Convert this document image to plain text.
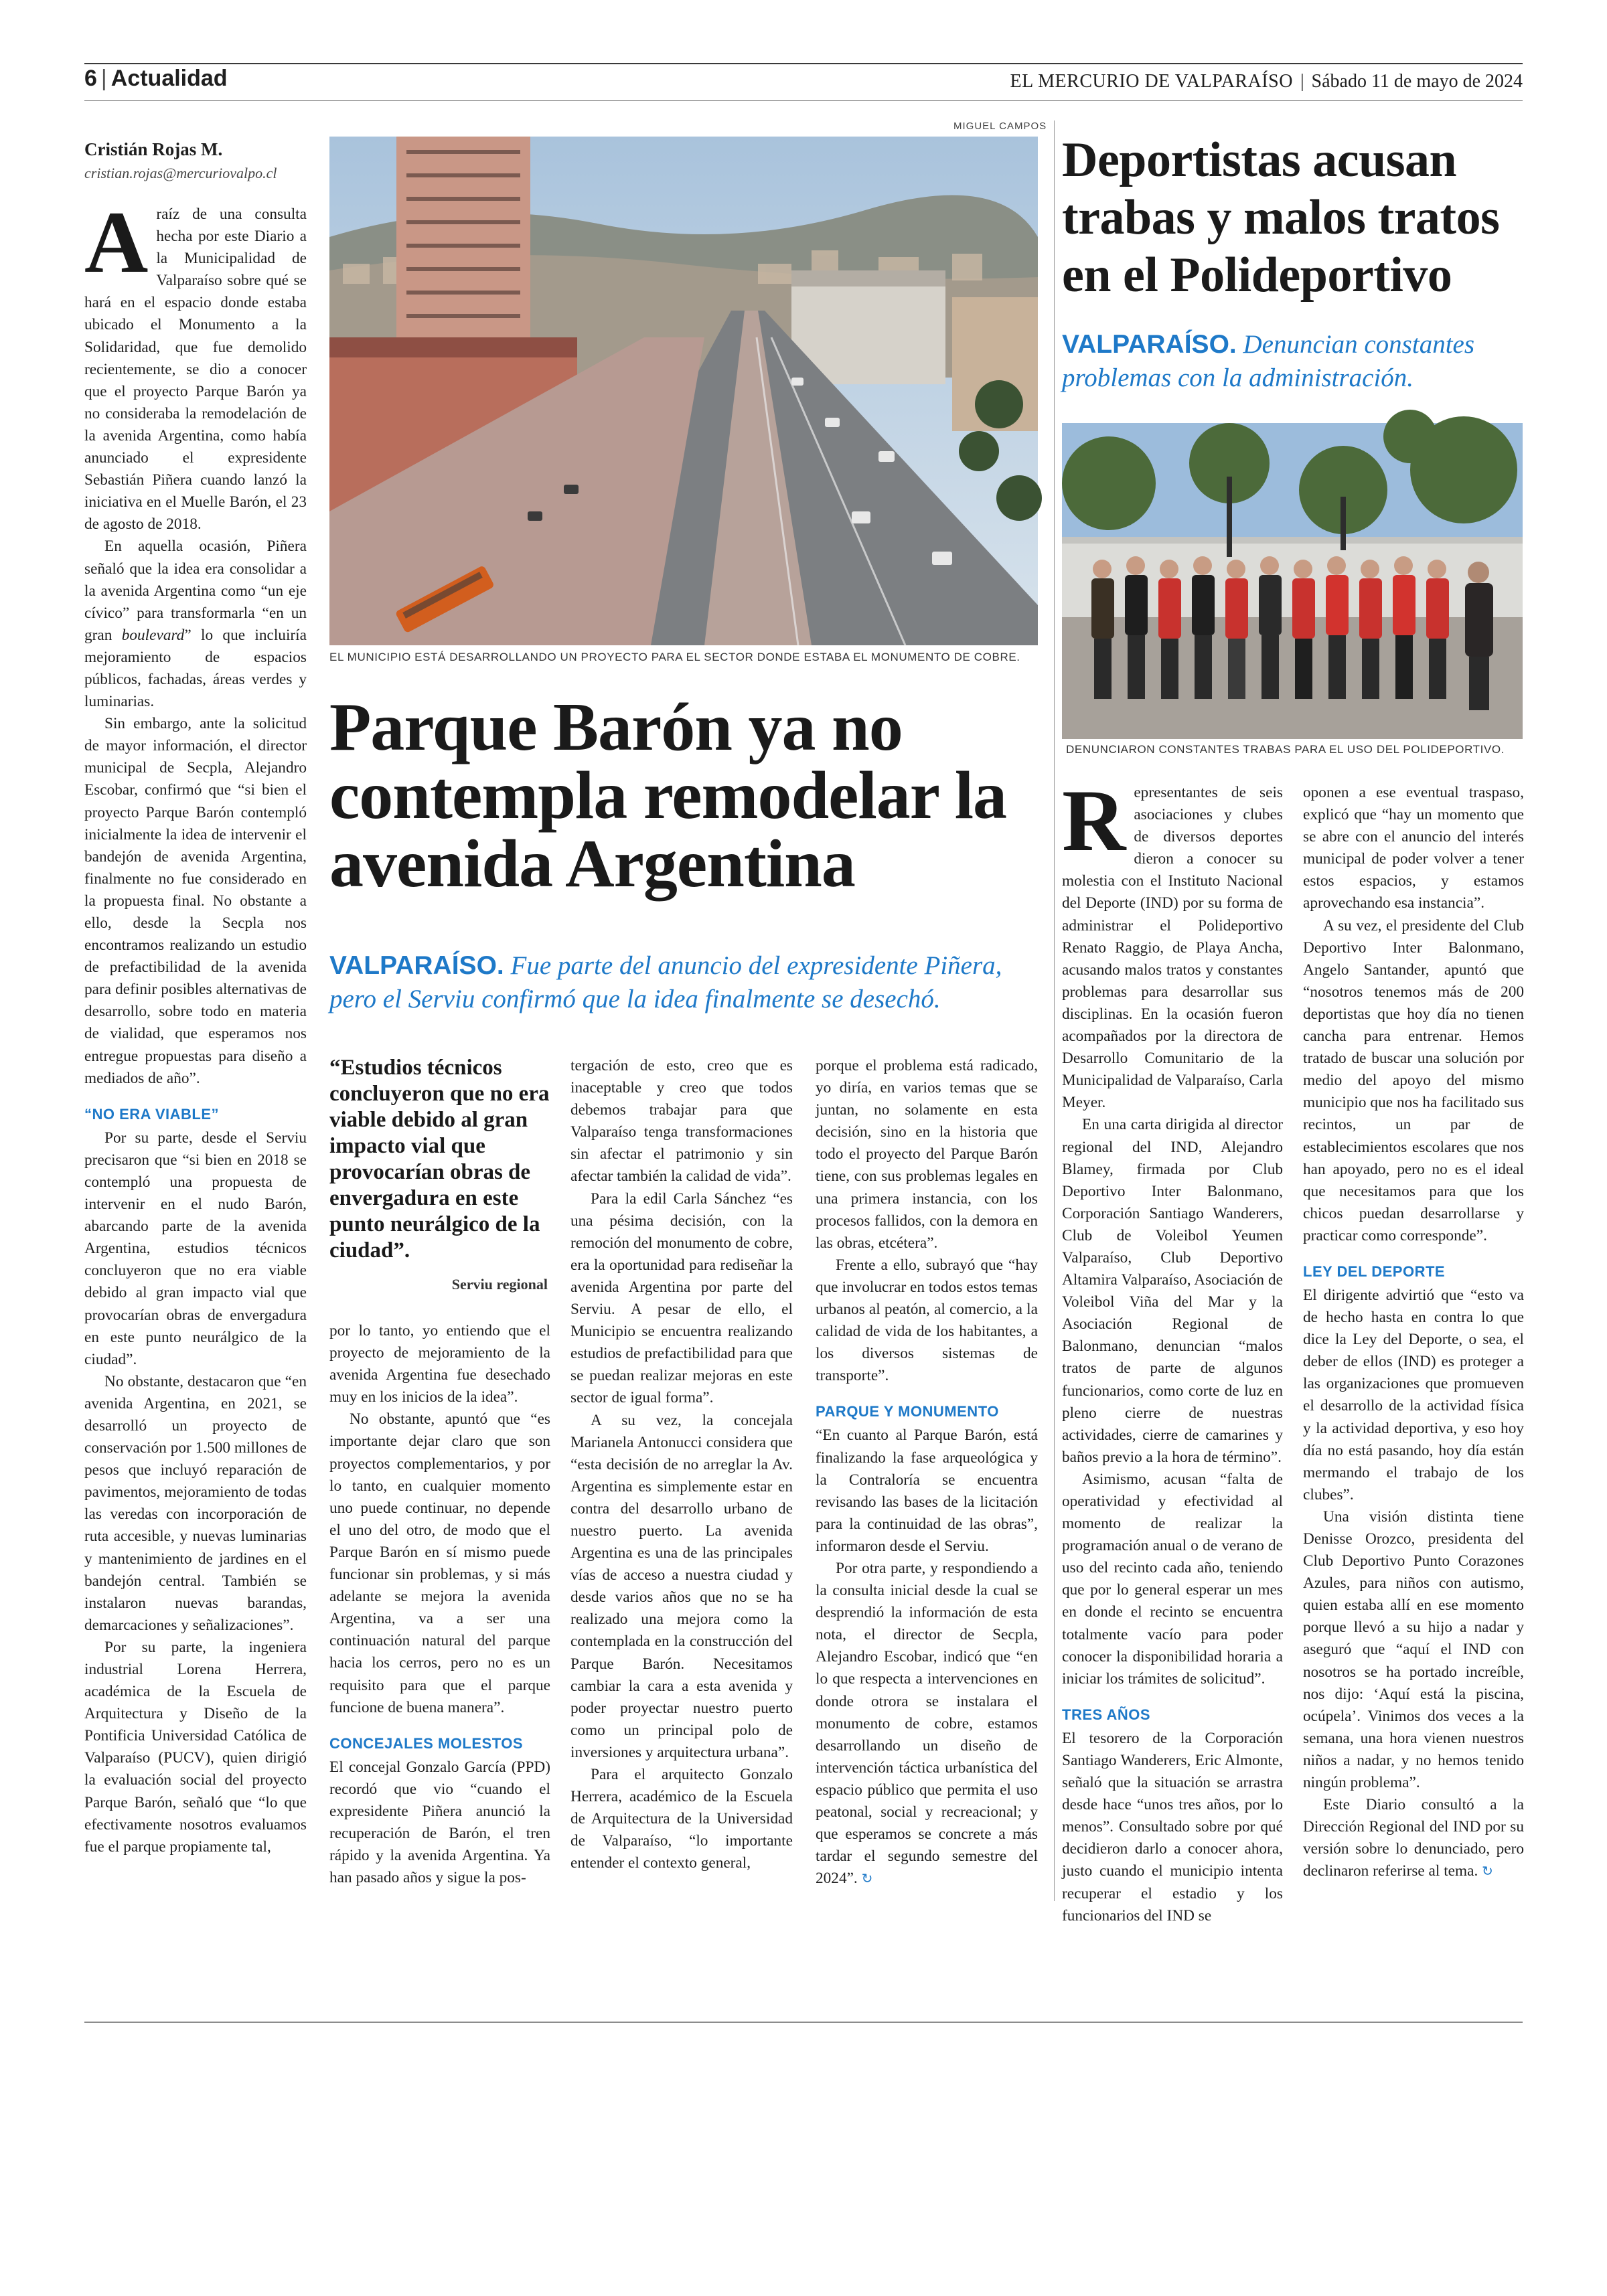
6 | Actualidad	EL MERCURIO DE VALPARAÍSO | Sábado 11 de mayo de 2024
Cristián Rojas M.
cristian.rojas@mercuriovalpo.cl
MIGUEL CAMPOS
EL MUNICIPIO ESTÁ DESARROLLANDO UN PROYECTO PARA EL SECTOR DONDE ESTABA EL MONUMENTO DE COBRE.
Parque Barón ya no contempla remodelar la avenida Argentina
VALPARAÍSO. Fue parte del anuncio del expresidente Piñera, pero el Serviu confirmó que la idea finalmente se desechó.
A raíz de una consulta hecha por este Diario a la Municipalidad de Valparaíso sobre qué se hará en el espacio donde estaba ubicado el Monumento a la Solidaridad, que fue demolido recientemente, se dio a conocer que el proyecto Parque Barón ya no consideraba la remodelación de la avenida Argentina, como había anunciado el expresidente Sebastián Piñera cuando lanzó la iniciativa en el Muelle Barón, el 23 de agosto de 2018.

En aquella ocasión, Piñera señaló que la idea era consolidar a la avenida Argentina como “un eje cívico” para transformarla “en un gran boulevard” lo que incluiría mejoramiento de espacios públicos, fachadas, áreas verdes y luminarias.

Sin embargo, ante la solicitud de mayor información, el director municipal de Secpla, Alejandro Escobar, confirmó que “si bien el proyecto Parque Barón contempló inicialmente la idea de intervenir el bandejón de avenida Argentina, finalmente no fue considerado en la propuesta final. No obstante a ello, desde la Secpla nos encontramos realizando un estudio de prefactibilidad de la avenida para definir posibles alternativas de desarrollo, sobre todo en materia de vialidad, que esperamos nos entregue propuestas para diseño a mediados de año”.

“NO ERA VIABLE”

Por su parte, desde el Serviu precisaron que “si bien en 2018 se contempló una propuesta de intervenir en el nudo Barón, abarcando parte de la avenida Argentina, estudios técnicos concluyeron que no era viable debido al gran impacto vial que provocarían obras de envergadura en este punto neurálgico de la ciudad”.

No obstante, destacaron que “en avenida Argentina, en 2021, se desarrolló un proyecto de conservación por 1.500 millones de pesos que incluyó reparación de pavimentos, mejoramiento de todas las veredas con incorporación de ruta accesible, y nuevas luminarias y mantenimiento de jardines en el bandejón central. También se instalaron nuevas barandas, demarcaciones y señalizaciones”.

Por su parte, la ingeniera industrial Lorena Herrera, académica de la Escuela de Arquitectura y Diseño de la Pontificia Universidad Católica de Valparaíso (PUCV), quien dirigió la evaluación social del proyecto Parque Barón, señaló que “lo que efectivamente nosotros evaluamos fue el parque propiamente tal,

“Estudios técnicos concluyeron que no era viable debido al gran impacto vial que provocarían obras de envergadura en este punto neurálgico de la ciudad”.
Serviu regional

por lo tanto, yo entiendo que el proyecto de mejoramiento de la avenida Argentina fue desechado muy en los inicios de la idea”.

No obstante, apuntó que “es importante dejar claro que son proyectos complementarios, y por lo tanto, en cualquier momento uno puede continuar, no depende el uno del otro, de modo que el Parque Barón en sí mismo puede funcionar sin problemas, y si más adelante se mejora la avenida Argentina, va a ser una continuación natural del parque hacia los cerros, pero no es un requisito para que el parque funcione de buena manera”.

CONCEJALES MOLESTOS

El concejal Gonzalo García (PPD) recordó que vio “cuando el expresidente Piñera anunció la recuperación de Barón, el tren rápido y la avenida Argentina. Ya han pasado años y sigue la pos-

tergación de esto, creo que es inaceptable y creo que todos debemos trabajar para que Valparaíso tenga transformaciones sin afectar el patrimonio y sin afectar también la calidad de vida”.

Para la edil Carla Sánchez “es una pésima decisión, con la remoción del monumento de cobre, era la oportunidad para rediseñar la avenida Argentina por parte del Serviu. A pesar de ello, el Municipio se encuentra realizando estudios de prefactibilidad para que se puedan realizar mejoras en este sector de igual forma”.

A su vez, la concejala Marianela Antonucci considera que “esta decisión de no arreglar la Av. Argentina es simplemente estar en contra del desarrollo urbano de nuestro puerto. La avenida Argentina es una de las principales vías de acceso a nuestra ciudad y desde varios años que no se ha realizado una mejora como la contemplada en la construcción del Parque Barón. Necesitamos cambiar la cara a esta avenida y poder proyectar nuestro puerto como un principal polo de inversiones y arquitectura urbana”.

Para el arquitecto Gonzalo Herrera, académico de la Escuela de Arquitectura de la Universidad de Valparaíso, “lo importante entender el contexto general,

porque el problema está radicado, yo diría, en varios temas que se juntan, no solamente en esta decisión, sino en la historia que todo el proyecto del Parque Barón tiene, con sus problemas legales en una primera instancia, con los procesos fallidos, con la demora en las obras, etcétera”.

Frente a ello, subrayó que “hay que involucrar en todos estos temas urbanos al peatón, al comercio, a la calidad de vida de los habitantes, a los diversos sistemas de transporte”.

PARQUE Y MONUMENTO

“En cuanto al Parque Barón, está finalizando la fase arqueológica y la Contraloría se encuentra revisando las bases de la licitación para la continuidad de las obras”, informaron desde el Serviu.

Por otra parte, y respondiendo a la consulta inicial desde la cual se desprendió la información de esta nota, el director de Secpla, Alejandro Escobar, indicó que “en lo que respecta a intervenciones en donde otrora se instalara el monumento de cobre, estamos desarrollando un diseño de intervención táctica urbanística del espacio público que permita el uso peatonal, social y recreacional; y que esperamos se concrete a más tardar el segundo semestre del 2024”. ↻

Deportistas acusan trabas y malos tratos en el Polideportivo
VALPARAÍSO. Denuncian constantes problemas con la administración.
DENUNCIARON CONSTANTES TRABAS PARA EL USO DEL POLIDEPORTIVO.
R epresentantes de seis asociaciones y clubes de diversos deportes dieron a conocer su molestia con el Instituto Nacional del Deporte (IND) por su forma de administrar el Polideportivo Renato Raggio, de Playa Ancha, acusando malos tratos y constantes problemas para desarrollar sus disciplinas. En la ocasión fueron acompañados por la directora de Desarrollo Comunitario de la Municipalidad de Valparaíso, Carla Meyer.

En una carta dirigida al director regional del IND, Alejandro Blamey, firmada por Club Deportivo Inter Balonmano, Corporación Santiago Wanderers, Club de Voleibol Yeumen Valparaíso, Club Deportivo Altamira Valparaíso, Asociación de Voleibol Viña del Mar y la Asociación Regional de Balonmano, denuncian “malos tratos de parte de algunos funcionarios, como corte de luz en pleno cierre de nuestras actividades, cierre de camarines y baños previo a la hora de término”.

Asimismo, acusan “falta de operatividad y efectividad al momento de realizar la programación anual o de verano de uso del recinto cada año, teniendo que por lo general esperar un mes en donde el recinto se encuentra totalmente vacío para poder conocer la disponibilidad horaria a iniciar los trámites de solicitud”.

TRES AÑOS

El tesorero de la Corporación Santiago Wanderers, Eric Almonte, señaló que la situación se arrastra desde hace “unos tres años, por lo menos”. Consultado sobre por qué decidieron darlo a conocer ahora, justo cuando el municipio intenta recuperar el estadio y los funcionarios del IND se

oponen a ese eventual traspaso, explicó que “hay un momento que se abre con el anuncio del interés municipal de poder volver a tener estos espacios, y estamos aprovechando esa instancia”.

A su vez, el presidente del Club Deportivo Inter Balonmano, Angelo Santander, apuntó que “nosotros tenemos más de 200 deportistas que hoy día no tienen cancha para entrenar. Hemos tratado de buscar una solución por medio del apoyo del mismo municipio que nos ha facilitado sus recintos, un par de establecimientos escolares que nos han apoyado, pero no es el ideal que necesitamos para que los chicos puedan desarrollarse y practicar como corresponde”.

LEY DEL DEPORTE

El dirigente advirtió que “esto va de hecho hasta en contra lo que dice la Ley del Deporte, o sea, el deber de ellos (IND) es proteger a las organizaciones que promueven el desarrollo de la actividad física y la actividad deportiva, y eso hoy día no está pasando, hoy día están mermando el trabajo de los clubes”.

Una visión distinta tiene Denisse Orozco, presidenta del Club Deportivo Punto Corazones Azules, para niños con autismo, quien estaba allí en ese momento porque llevó a su hijo a nadar y aseguró que “aquí el IND con nosotros se ha portado increíble, nos dijo: ‘Aquí está la piscina, ocúpela’. Vinimos dos veces a la semana, una hora vienen nuestros niños a nadar, y no hemos tenido ningún problema”.

Este Diario consultó a la Dirección Regional del IND por su versión sobre lo denunciado, pero declinaron referirse al tema. ↻
